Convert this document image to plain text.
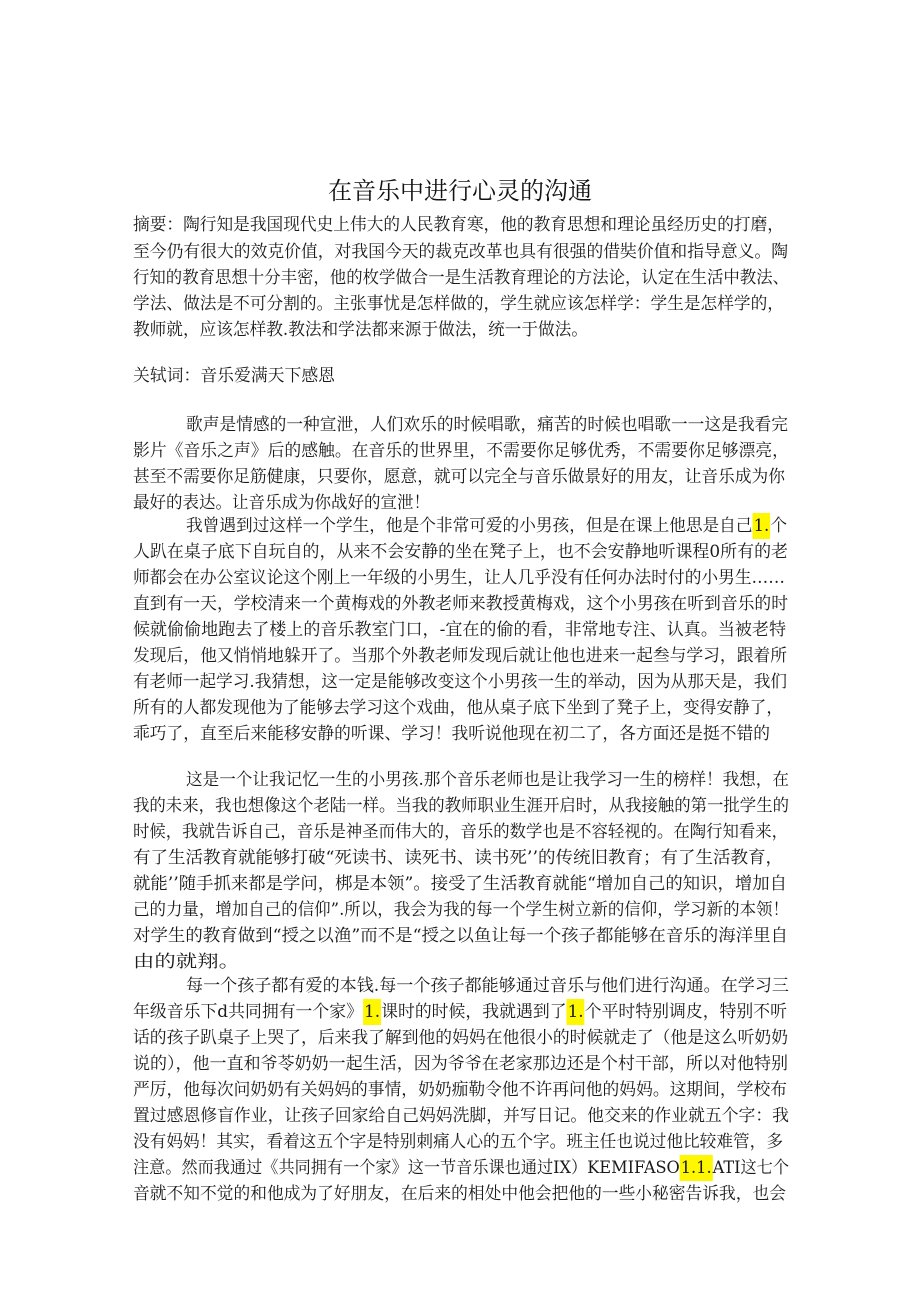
在音乐中进行心灵的沟通
摘要：陶行知是我国现代史上伟大的人民教育寒，他的教育思想和理论虽经历史的打磨，
至今仍有很大的效克价值，对我国今天的裁克改革也具有很强的借奘价值和指导意义。陶
行知的教育思想十分丰密，他的枚学做合一是生活教育理论的方法论，认定在生活中教法、
学法、做法是不可分割的。主张事忧是怎样做的，学生就应该怎样学：学生是怎样学的，
教师就，应该怎样教.教法和学法都来源于做法，统一于做法。
关轼词：音乐爱满天下感恩
歌声是情感的一种宣泄，人们欢乐的时候唱歌，痛苦的时候也唱歌一一这是我看完
影片《音乐之声》后的感触。在音乐的世界里，不需要你足够优秀，不需要你足够漂亮，
甚至不需要你足筋健康，只要你，愿意，就可以完全与音乐做景好的用友，让音乐成为你
最好的表达。让音乐成为你战好的宣泄！
我曾遇到过这样一个学生，他是个非常可爱的小男孩，但是在课上他思是自己1.个
人趴在桌子底下自玩自的，从来不会安静的坐在凳子上，也不会安静地听课程0所有的老
师都会在办公室议论这个刚上一年级的小男生，让人几乎没有任何办法时付的小男生……
直到有一天，学校清来一个黄梅戏的外教老师来教授黄梅戏，这个小男孩在听到音乐的时
候就偷偷地跑去了楼上的音乐教室门口，-宜在的偷的看，非常地专注、认真。当被老特
发现后，他又悄悄地躲开了。当那个外教老师发现后就让他也进来一起叁与学习，跟着所
有老师一起学习.我猜想，这一定是能够改变这个小男孩一生的举动，因为从那天是，我们
所有的人都发现他为了能够去学习这个戏曲，他从桌子底下坐到了凳子上，变得安静了，
乖巧了，直至后来能移安静的听课、学习！我听说他现在初二了，各方面还是挺不错的
这是一个让我记忆一生的小男孩.那个音乐老师也是让我学习一生的榜样！我想，在
我的未来，我也想像这个老陆一样。当我的教师职业生涯开启时，从我接触的第一批学生的
时候，我就告诉自己，音乐是神圣而伟大的，音乐的数学也是不容轻视的。在陶行知看来，
有了生活教育就能够打破“死读书、读死书、读书死’’的传统旧教育；有了生活教育，
就能’’随手抓来都是学问，梆是本领”。接受了生活教育就能“增加自己的知识，增加自
己的力量，增加自己的信仰”.所以，我会为我的每一个学生树立新的信仰，学习新的本领！
对学生的教育做到“授之以渔”而不是“授之以鱼让每一个孩子都能够在音乐的海洋里自
由的就翔。
每一个孩子都有爱的本钱.每一个孩子都能够通过音乐与他们进行沟通。在学习三
年级音乐下d共同拥有一个家》1.课时的时候，我就遇到了1.个平时特别调皮，特别不听
话的孩子趴桌子上哭了，后来我了解到他的妈妈在他很小的时候就走了（他是这么听奶奶
说的），他一直和爷苓奶奶一起生活，因为爷爷在老家那边还是个村干部，所以对他特别
严厉，他每次问奶奶有关妈妈的事情，奶奶痂勒令他不许再问他的妈妈。这期间，学校布
置过感恩修盲作业，让孩子回家给自己妈妈洗脚，并写日记。他交来的作业就五个字：我
没有妈妈！其实，看着这五个字是特别刺痛人心的五个字。班主任也说过他比较难管，多
注意。然而我通过《共同拥有一个家》这一节音乐课也通过IX）KEMIFASO1.1.ATI这七个
音就不知不觉的和他成为了好朋友，在后来的相处中他会把他的一些小秘密告诉我，也会
